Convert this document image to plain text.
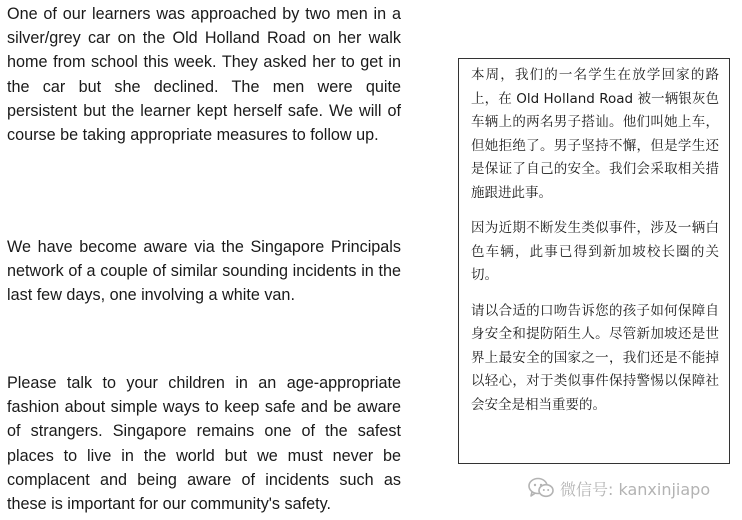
One of our learners was approached by two men in a silver/grey car on the Old Holland Road on her walk home from school this week. They asked her to get in the car but she declined. The men were quite persistent but the learner kept herself safe. We will of course be taking appropriate measures to follow up.

We have become aware via the Singapore Principals network of a couple of similar sounding incidents in the last few days, one involving a white van.

Please talk to your children in an age-appropriate fashion about simple ways to keep safe and be aware of strangers. Singapore remains one of the safest places to live in the world but we must never be complacent and being aware of incidents such as these is important for our community's safety.

本周，我们的一名学生在放学回家的路上，在 Old Holland Road 被一辆银灰色车辆上的两名男子搭讪。他们叫她上车，但她拒绝了。男子坚持不懈，但是学生还是保证了自己的安全。我们会采取相关措施跟进此事。

因为近期不断发生类似事件，涉及一辆白色车辆，此事已得到新加坡校长圈的关切。

请以合适的口吻告诉您的孩子如何保障自身安全和提防陌生人。尽管新加坡还是世界上最安全的国家之一，我们还是不能掉以轻心，对于类似事件保持警惕以保障社会安全是相当重要的。

微信号: kanxinjiapo
